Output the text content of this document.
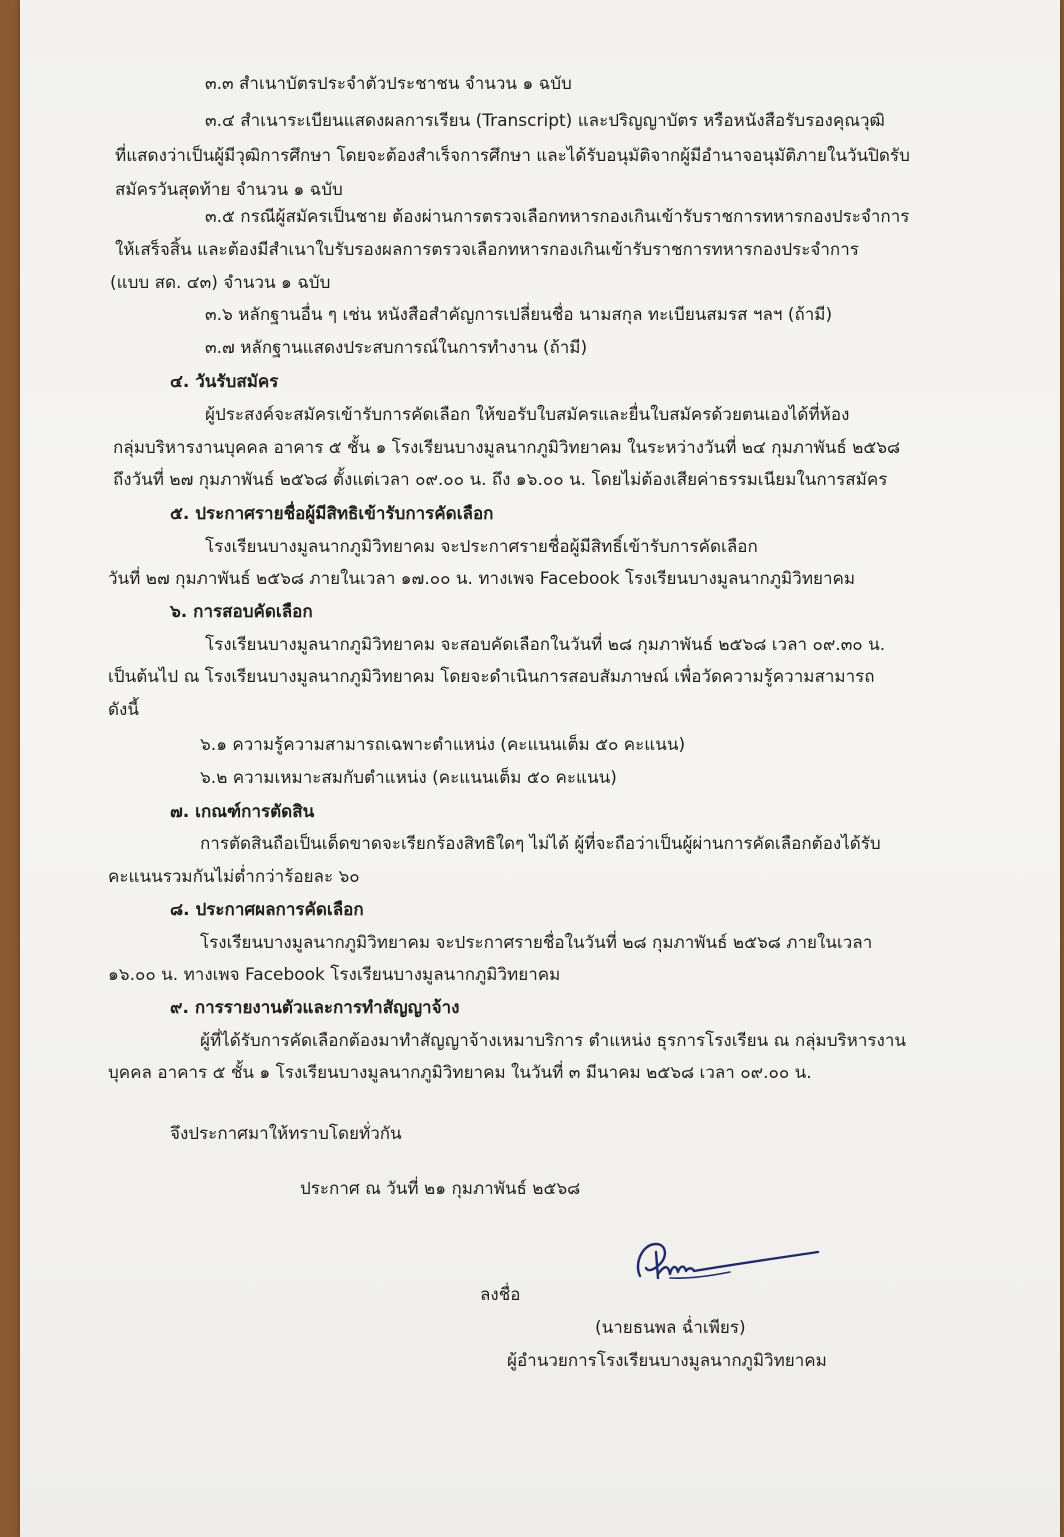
๓.๓ สำเนาบัตรประจำตัวประชาชน จำนวน ๑ ฉบับ
๓.๔ สำเนาระเบียนแสดงผลการเรียน (Transcript) และปริญญาบัตร หรือหนังสือรับรองคุณวุฒิ
ที่แสดงว่าเป็นผู้มีวุฒิการศึกษา โดยจะต้องสำเร็จการศึกษา และได้รับอนุมัติจากผู้มีอำนาจอนุมัติภายในวันปิดรับ
สมัครวันสุดท้าย จำนวน ๑ ฉบับ
๓.๕ กรณีผู้สมัครเป็นชาย ต้องผ่านการตรวจเลือกทหารกองเกินเข้ารับราชการทหารกองประจำการ
ให้เสร็จสิ้น และต้องมีสำเนาใบรับรองผลการตรวจเลือกทหารกองเกินเข้ารับราชการทหารกองประจำการ
(แบบ สด. ๔๓) จำนวน ๑ ฉบับ
๓.๖ หลักฐานอื่น ๆ เช่น หนังสือสำคัญการเปลี่ยนชื่อ นามสกุล ทะเบียนสมรส ฯลฯ (ถ้ามี)
๓.๗ หลักฐานแสดงประสบการณ์ในการทำงาน (ถ้ามี)
๔. วันรับสมัคร
ผู้ประสงค์จะสมัครเข้ารับการคัดเลือก ให้ขอรับใบสมัครและยื่นใบสมัครด้วยตนเองได้ที่ห้อง
กลุ่มบริหารงานบุคคล อาคาร ๕ ชั้น ๑ โรงเรียนบางมูลนากภูมิวิทยาคม ในระหว่างวันที่ ๒๔ กุมภาพันธ์ ๒๕๖๘
ถึงวันที่ ๒๗ กุมภาพันธ์ ๒๕๖๘ ตั้งแต่เวลา ๐๙.๐๐ น. ถึง ๑๖.๐๐ น. โดยไม่ต้องเสียค่าธรรมเนียมในการสมัคร
๕. ประกาศรายชื่อผู้มีสิทธิเข้ารับการคัดเลือก
โรงเรียนบางมูลนากภูมิวิทยาคม จะประกาศรายชื่อผู้มีสิทธิ์เข้ารับการคัดเลือก
วันที่ ๒๗ กุมภาพันธ์ ๒๕๖๘ ภายในเวลา ๑๗.๐๐ น. ทางเพจ Facebook โรงเรียนบางมูลนากภูมิวิทยาคม
๖. การสอบคัดเลือก
โรงเรียนบางมูลนากภูมิวิทยาคม จะสอบคัดเลือกในวันที่ ๒๘ กุมภาพันธ์ ๒๕๖๘ เวลา ๐๙.๓๐ น.
เป็นต้นไป ณ โรงเรียนบางมูลนากภูมิวิทยาคม โดยจะดำเนินการสอบสัมภาษณ์ เพื่อวัดความรู้ความสามารถ
ดังนี้
๖.๑ ความรู้ความสามารถเฉพาะตำแหน่ง (คะแนนเต็ม ๕๐ คะแนน)
๖.๒ ความเหมาะสมกับตำแหน่ง (คะแนนเต็ม ๕๐ คะแนน)
๗. เกณฑ์การตัดสิน
การตัดสินถือเป็นเด็ดขาดจะเรียกร้องสิทธิใดๆ ไม่ได้ ผู้ที่จะถือว่าเป็นผู้ผ่านการคัดเลือกต้องได้รับ
คะแนนรวมกันไม่ต่ำกว่าร้อยละ ๖๐
๘. ประกาศผลการคัดเลือก
โรงเรียนบางมูลนากภูมิวิทยาคม จะประกาศรายชื่อในวันที่ ๒๘ กุมภาพันธ์ ๒๕๖๘ ภายในเวลา
๑๖.๐๐ น. ทางเพจ Facebook โรงเรียนบางมูลนากภูมิวิทยาคม
๙. การรายงานตัวและการทำสัญญาจ้าง
ผู้ที่ได้รับการคัดเลือกต้องมาทำสัญญาจ้างเหมาบริการ ตำแหน่ง ธุรการโรงเรียน ณ กลุ่มบริหารงาน
บุคคล อาคาร ๕ ชั้น ๑ โรงเรียนบางมูลนากภูมิวิทยาคม ในวันที่ ๓ มีนาคม ๒๕๖๘ เวลา ๐๙.๐๐ น.
จึงประกาศมาให้ทราบโดยทั่วกัน
ประกาศ ณ วันที่ ๒๑ กุมภาพันธ์ ๒๕๖๘
ลงชื่อ
(นายธนพล ฉ่ำเพียร)
ผู้อำนวยการโรงเรียนบางมูลนากภูมิวิทยาคม
